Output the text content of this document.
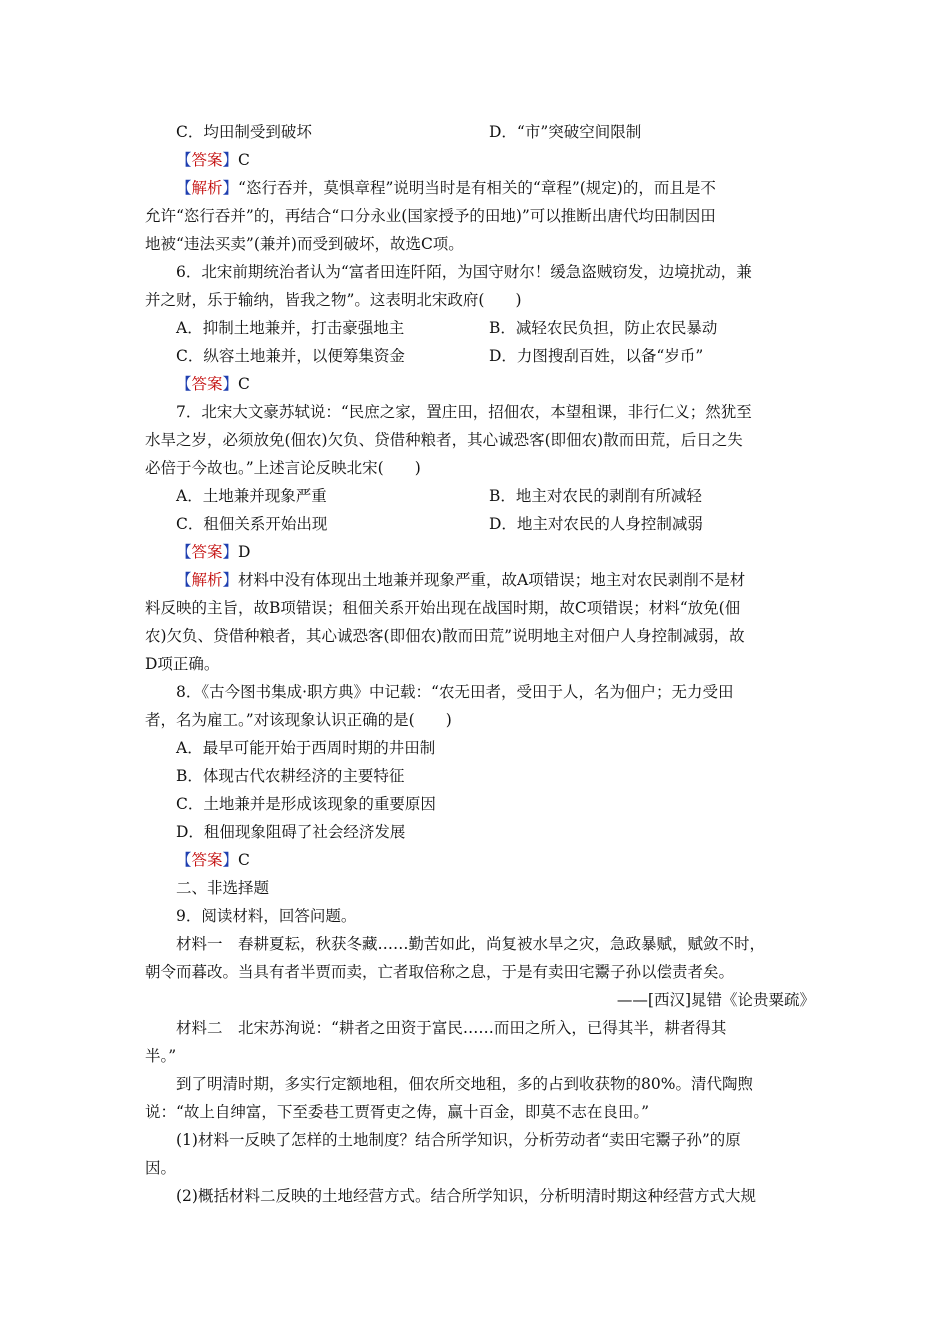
C．均田制受到破坏	D．“市”突破空间限制
【答案】C
【解析】“恣行吞并，莫惧章程”说明当时是有相关的“章程”(规定)的，而且是不
允许“恣行吞并”的，再结合“口分永业(国家授予的田地)”可以推断出唐代均田制因田
地被“违法买卖”(兼并)而受到破坏，故选C项。
6．北宋前期统治者认为“富者田连阡陌，为国守财尔！缓急盗贼窃发，边境扰动，兼
并之财，乐于输纳，皆我之物”。这表明北宋政府(　　)
A．抑制土地兼并，打击豪强地主	B．减轻农民负担，防止农民暴动
C．纵容土地兼并，以便筹集资金	D．力图搜刮百姓，以备“岁币”
【答案】C
7．北宋大文豪苏轼说：“民庶之家，置庄田，招佃农，本望租课，非行仁义；然犹至
水旱之岁，必须放免(佃农)欠负、贷借种粮者，其心诚恐客(即佃农)散而田荒，后日之失
必倍于今故也。”上述言论反映北宋(　　)
A．土地兼并现象严重	B．地主对农民的剥削有所减轻
C．租佃关系开始出现	D．地主对农民的人身控制减弱
【答案】D
【解析】材料中没有体现出土地兼并现象严重，故A项错误；地主对农民剥削不是材
料反映的主旨，故B项错误；租佃关系开始出现在战国时期，故C项错误；材料“放免(佃
农)欠负、贷借种粮者，其心诚恐客(即佃农)散而田荒”说明地主对佃户人身控制减弱，故
D项正确。
8．《古今图书集成·职方典》中记载：“农无田者，受田于人，名为佃户；无力受田
者，名为雇工。”对该现象认识正确的是(　　)
A．最早可能开始于西周时期的井田制
B．体现古代农耕经济的主要特征
C．土地兼并是形成该现象的重要原因
D．租佃现象阻碍了社会经济发展
【答案】C
二、非选择题
9．阅读材料，回答问题。
材料一　春耕夏耘，秋获冬藏……勤苦如此，尚复被水旱之灾，急政暴赋，赋敛不时，
朝令而暮改。当具有者半贾而卖，亡者取倍称之息，于是有卖田宅鬻子孙以偿责者矣。
——[西汉]晁错《论贵粟疏》
材料二　北宋苏洵说：“耕者之田资于富民……而田之所入，已得其半，耕者得其
半。”
到了明清时期，多实行定额地租，佃农所交地租，多的占到收获物的80%。清代陶煦
说：“故上自绅富，下至委巷工贾胥吏之俦，赢十百金，即莫不志在良田。”
(1)材料一反映了怎样的土地制度？结合所学知识，分析劳动者“卖田宅鬻子孙”的原
因。
(2)概括材料二反映的土地经营方式。结合所学知识，分析明清时期这种经营方式大规
